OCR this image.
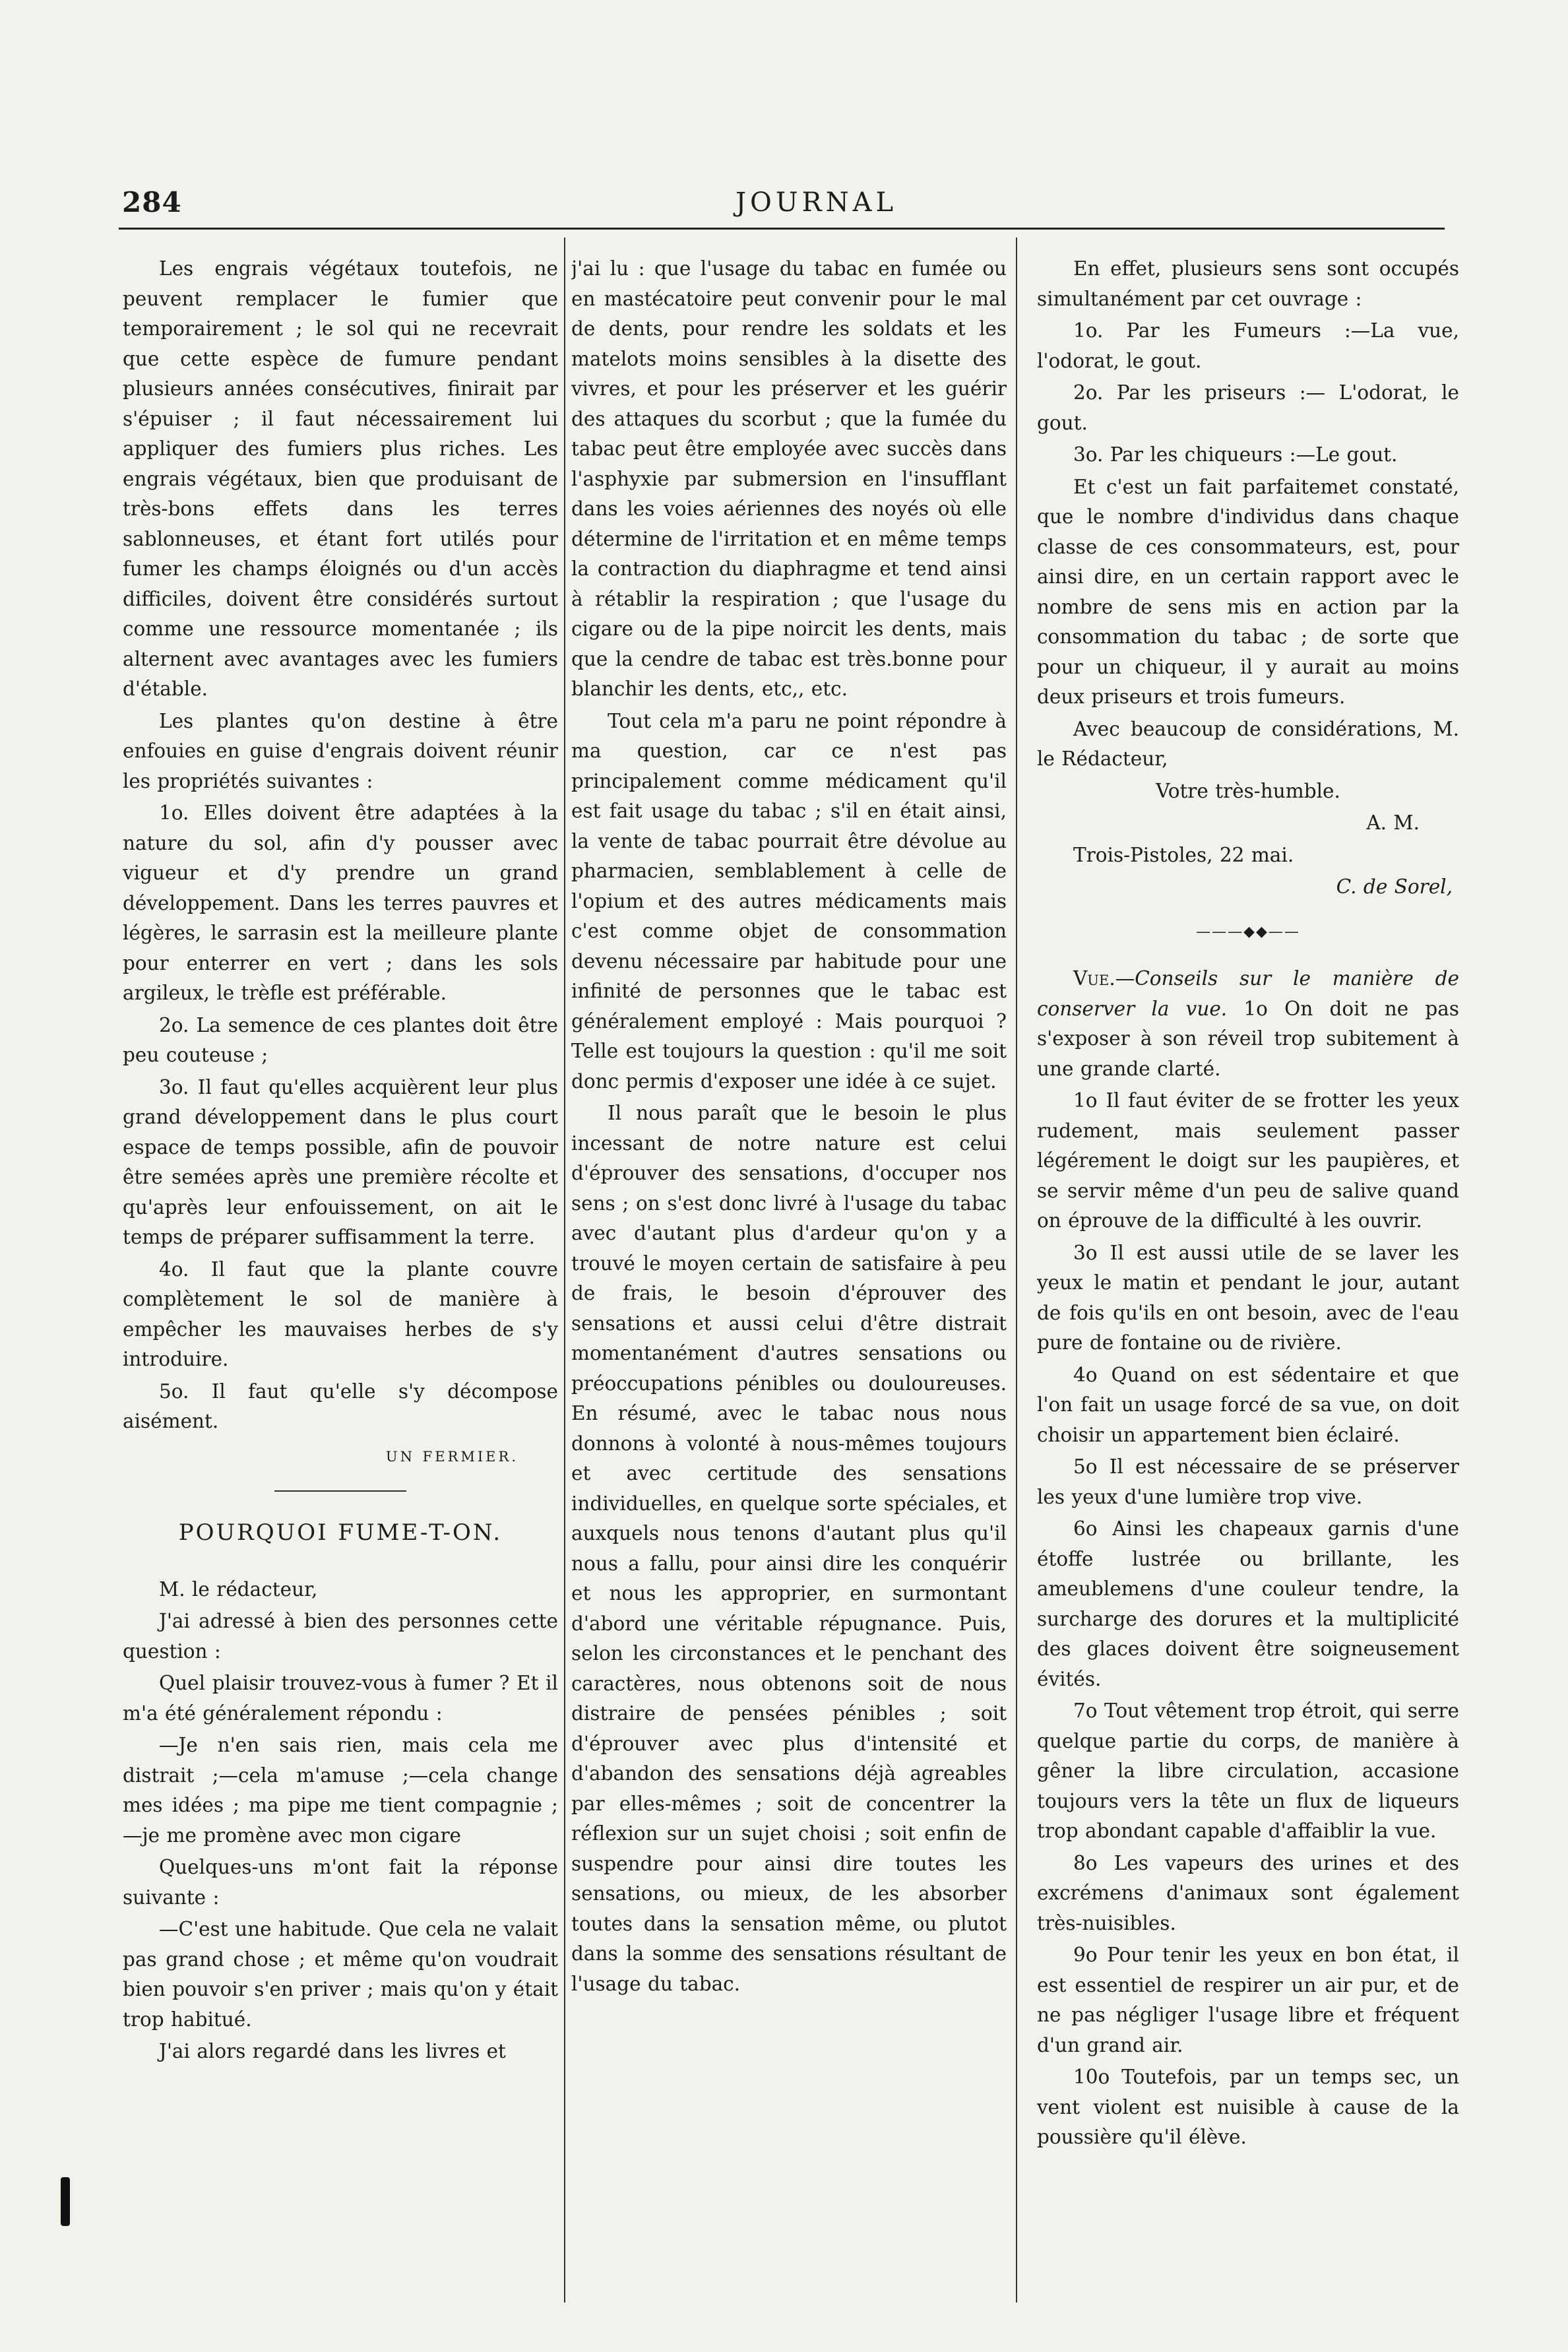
284	JOURNAL

Les engrais végétaux toutefois, ne peuvent remplacer le fumier que temporairement ; le sol qui ne recevrait que cette espèce de fumure pendant plusieurs années consécutives, finirait par s'épuiser ; il faut nécessairement lui appliquer des fumiers plus riches. Les engrais végétaux, bien que produisant de très-bons effets dans les terres sablonneuses, et étant fort utilés pour fumer les champs éloignés ou d'un accès difficiles, doivent être considérés surtout comme une ressource momentanée ; ils alternent avec avantages avec les fumiers d'étable.

Les plantes qu'on destine à être enfouies en guise d'engrais doivent réunir les propriétés suivantes :

1o. Elles doivent être adaptées à la nature du sol, afin d'y pousser avec vigueur et d'y prendre un grand développement. Dans les terres pauvres et légères, le sarrasin est la meilleure plante pour enterrer en vert ; dans les sols argileux, le trèfle est préférable.

2o. La semence de ces plantes doit être peu couteuse ;

3o. Il faut qu'elles acquièrent leur plus grand développement dans le plus court espace de temps possible, afin de pouvoir être semées après une première récolte et qu'après leur enfouissement, on ait le temps de préparer suffisamment la terre.

4o. Il faut que la plante couvre complètement le sol de manière à empêcher les mauvaises herbes de s'y introduire.

5o. Il faut qu'elle s'y décompose aisément.

UN FERMIER.

POURQUOI FUME-T-ON.

M. le rédacteur,

J'ai adressé à bien des personnes cette question :

Quel plaisir trouvez-vous à fumer ? Et il m'a été généralement répondu :

—Je n'en sais rien, mais cela me distrait ;—cela m'amuse ;—cela change mes idées ; ma pipe me tient compagnie ;—je me promène avec mon cigare

Quelques-uns m'ont fait la réponse suivante :

—C'est une habitude. Que cela ne valait pas grand chose ; et même qu'on voudrait bien pouvoir s'en priver ; mais qu'on y était trop habitué.

J'ai alors regardé dans les livres et

j'ai lu : que l'usage du tabac en fumée ou en mastécatoire peut convenir pour le mal de dents, pour rendre les soldats et les matelots moins sensibles à la disette des vivres, et pour les préserver et les guérir des attaques du scorbut ; que la fumée du tabac peut être employée avec succès dans l'asphyxie par submersion en l'insufflant dans les voies aériennes des noyés où elle détermine de l'irritation et en même temps la contraction du diaphragme et tend ainsi à rétablir la respiration ; que l'usage du cigare ou de la pipe noircit les dents, mais que la cendre de tabac est très.bonne pour blanchir les dents, etc,, etc.

Tout cela m'a paru ne point répondre à ma question, car ce n'est pas principalement comme médicament qu'il est fait usage du tabac ; s'il en était ainsi, la vente de tabac pourrait être dévolue au pharmacien, semblablement à celle de l'opium et des autres médicaments mais c'est comme objet de consommation devenu nécessaire par habitude pour une infinité de personnes que le tabac est généralement employé : Mais pourquoi ? Telle est toujours la question : qu'il me soit donc permis d'exposer une idée à ce sujet.

Il nous paraît que le besoin le plus incessant de notre nature est celui d'éprouver des sensations, d'occuper nos sens ; on s'est donc livré à l'usage du tabac avec d'autant plus d'ardeur qu'on y a trouvé le moyen certain de satisfaire à peu de frais, le besoin d'éprouver des sensations et aussi celui d'être distrait momentanément d'autres sensations ou préoccupations pénibles ou douloureuses. En résumé, avec le tabac nous nous donnons à volonté à nous-mêmes toujours et avec certitude des sensations individuelles, en quelque sorte spéciales, et auxquels nous tenons d'autant plus qu'il nous a fallu, pour ainsi dire les conquérir et nous les approprier, en surmontant d'abord une véritable répugnance. Puis, selon les circonstances et le penchant des caractères, nous obtenons soit de nous distraire de pensées pénibles ; soit d'éprouver avec plus d'intensité et d'abandon des sensations déjà agreables par elles-mêmes ; soit de concentrer la réflexion sur un sujet choisi ; soit enfin de suspendre pour ainsi dire toutes les sensations, ou mieux, de les absorber toutes dans la sensation même, ou plutot dans la somme des sensations résultant de l'usage du tabac.

En effet, plusieurs sens sont occupés simultanément par cet ouvrage :

1o. Par les Fumeurs :—La vue, l'odorat, le gout.

2o. Par les priseurs :— L'odorat, le gout.

3o. Par les chiqueurs :—Le gout.

Et c'est un fait parfaitemet constaté, que le nombre d'individus dans chaque classe de ces consommateurs, est, pour ainsi dire, en un certain rapport avec le nombre de sens mis en action par la consommation du tabac ; de sorte que pour un chiqueur, il y aurait au moins deux priseurs et trois fumeurs.

Avec beaucoup de considérations, M. le Rédacteur,

Votre très-humble.

A. M.

Trois-Pistoles, 22 mai.

C. de Sorel,

———◆◆——

Vue.—Conseils sur le manière de conserver la vue. 1o On doit ne pas s'exposer à son réveil trop subitement à une grande clarté.

1o Il faut éviter de se frotter les yeux rudement, mais seulement passer légérement le doigt sur les paupières, et se servir même d'un peu de salive quand on éprouve de la difficulté à les ouvrir.

3o Il est aussi utile de se laver les yeux le matin et pendant le jour, autant de fois qu'ils en ont besoin, avec de l'eau pure de fontaine ou de rivière.

4o Quand on est sédentaire et que l'on fait un usage forcé de sa vue, on doit choisir un appartement bien éclairé.

5o Il est nécessaire de se préserver les yeux d'une lumière trop vive.

6o Ainsi les chapeaux garnis d'une étoffe lustrée ou brillante, les ameublemens d'une couleur tendre, la surcharge des dorures et la multiplicité des glaces doivent être soigneusement évités.

7o Tout vêtement trop étroit, qui serre quelque partie du corps, de manière à gêner la libre circulation, accasione toujours vers la tête un flux de liqueurs trop abondant capable d'affaiblir la vue.

8o Les vapeurs des urines et des excrémens d'animaux sont également très-nuisibles.

9o Pour tenir les yeux en bon état, il est essentiel de respirer un air pur, et de ne pas négliger l'usage libre et fréquent d'un grand air.

10o Toutefois, par un temps sec, un vent violent est nuisible à cause de la poussière qu'il élève.
